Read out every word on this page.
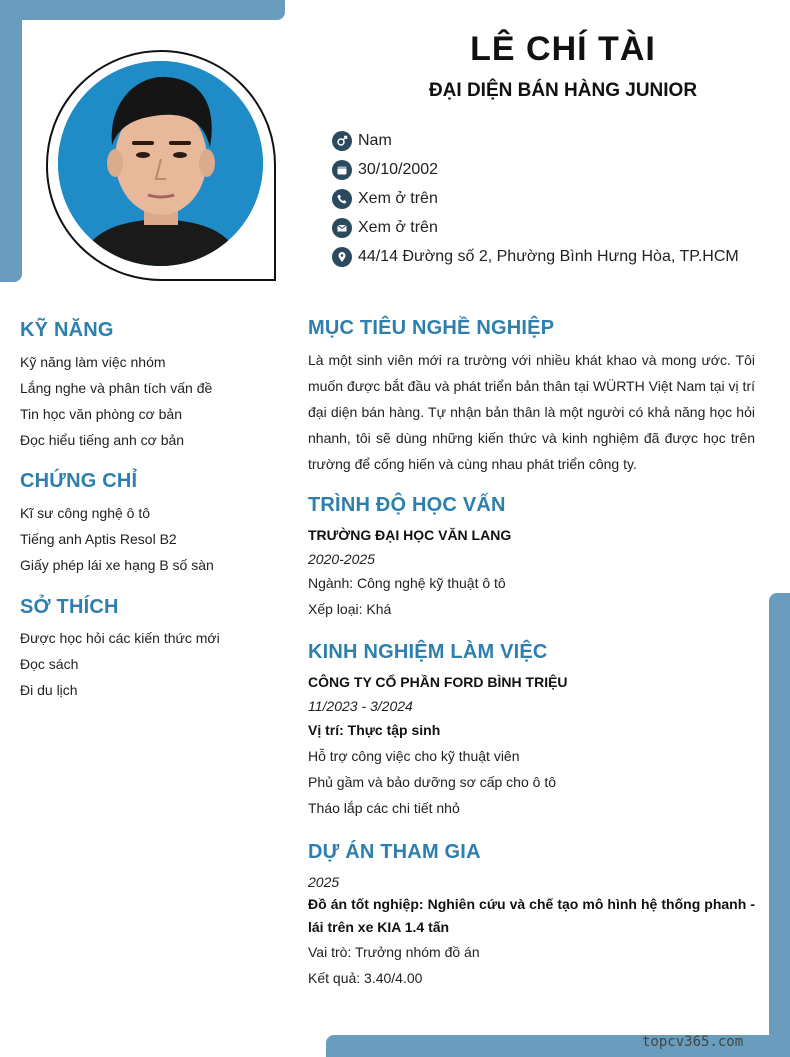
LÊ CHÍ TÀI
ĐẠI DIỆN BÁN HÀNG JUNIOR
Nam
30/10/2002
Xem ở trên
Xem ở trên
44/14 Đường số 2, Phường Bình Hưng Hòa, TP.HCM
KỸ NĂNG
Kỹ năng làm việc nhóm
Lắng nghe và phân tích vấn đề
Tin học văn phòng cơ bản
Đọc hiểu tiếng anh cơ bản
CHỨNG CHỈ
Kĩ sư công nghệ ô tô
Tiếng anh Aptis Resol B2
Giấy phép lái xe hạng B số sàn
SỞ THÍCH
Được học hỏi các kiến thức mới
Đọc sách
Đi du lịch
MỤC TIÊU NGHỀ NGHIỆP
Là một sinh viên mới ra trường với nhiều khát khao và mong ước. Tôi muốn được bắt đầu và phát triển bản thân tại WÜRTH Việt Nam tại vị trí đại diện bán hàng. Tự nhận bản thân là một người có khả năng học hỏi nhanh, tôi sẽ dùng những kiến thức và kinh nghiệm đã được học trên trường để cống hiến và cùng nhau phát triển công ty.
TRÌNH ĐỘ HỌC VẤN
TRƯỜNG ĐẠI HỌC VĂN LANG
2020-2025
Ngành: Công nghệ kỹ thuật ô tô
Xếp loại: Khá
KINH NGHIỆM LÀM VIỆC
CÔNG TY CỔ PHẦN FORD BÌNH TRIỆU
11/2023 - 3/2024
Vị trí: Thực tập sinh
Hỗ trợ công việc cho kỹ thuật viên
Phủ gầm và bảo dưỡng sơ cấp cho ô tô
Tháo lắp các chi tiết nhỏ
DỰ ÁN THAM GIA
2025
Đồ án tốt nghiệp: Nghiên cứu và chế tạo mô hình hệ thống phanh - lái trên xe KIA 1.4 tấn
Vai trò: Trưởng nhóm đồ án
Kết quả: 3.40/4.00
topcv365.com
